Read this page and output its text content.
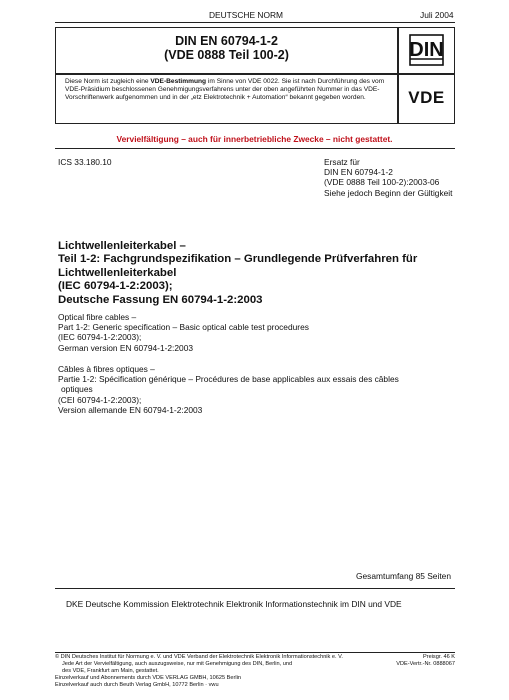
DEUTSCHE NORM	Juli 2004
DIN EN 60794-1-2
(VDE 0888 Teil 100-2)	DIN
Diese Norm ist zugleich eine VDE-Bestimmung im Sinne von VDE 0022. Sie ist nach Durchführung des vom VDE-Präsidium beschlossenen Genehmigungsverfahrens unter der oben angeführten Nummer in das VDE-Vorschriftenwerk aufgenommen und in der „etz Elektrotechnik + Automation“ bekannt gegeben worden.	VDE
Vervielfältigung – auch für innerbetriebliche Zwecke – nicht gestattet.
ICS 33.180.10	Ersatz für
DIN EN 60794-1-2
(VDE 0888 Teil 100-2):2003-06
Siehe jedoch Beginn der Gültigkeit
Lichtwellenleiterkabel –
Teil 1-2: Fachgrundspezifikation – Grundlegende Prüfverfahren für
Lichtwellenleiterkabel
(IEC 60794-1-2:2003);
Deutsche Fassung EN 60794-1-2:2003
Optical fibre cables –
Part 1-2: Generic specification – Basic optical cable test procedures
(IEC 60794-1-2:2003);
German version EN 60794-1-2:2003
Câbles à fibres optiques –
Partie 1-2: Spécification générique – Procédures de base applicables aux essais des câbles
optiques
(CEI 60794-1-2:2003);
Version allemande EN 60794-1-2:2003
Gesamtumfang 85 Seiten
DKE Deutsche Kommission Elektrotechnik Elektronik Informationstechnik im DIN und VDE
© DIN Deutsches Institut für Normung e. V. und VDE Verband der Elektrotechnik Elektronik Informationstechnik e. V.
Jede Art der Vervielfältigung, auch auszugsweise, nur mit Genehmigung des DIN, Berlin, und
des VDE, Frankfurt am Main, gestattet.
Einzelverkauf und Abonnements durch VDE VERLAG GMBH, 10625 Berlin
Einzelverkauf auch durch Beuth Verlag GmbH, 10772 Berlin · vwu
Preisgr. 46 K
VDE-Vertr.-Nr. 0888067
